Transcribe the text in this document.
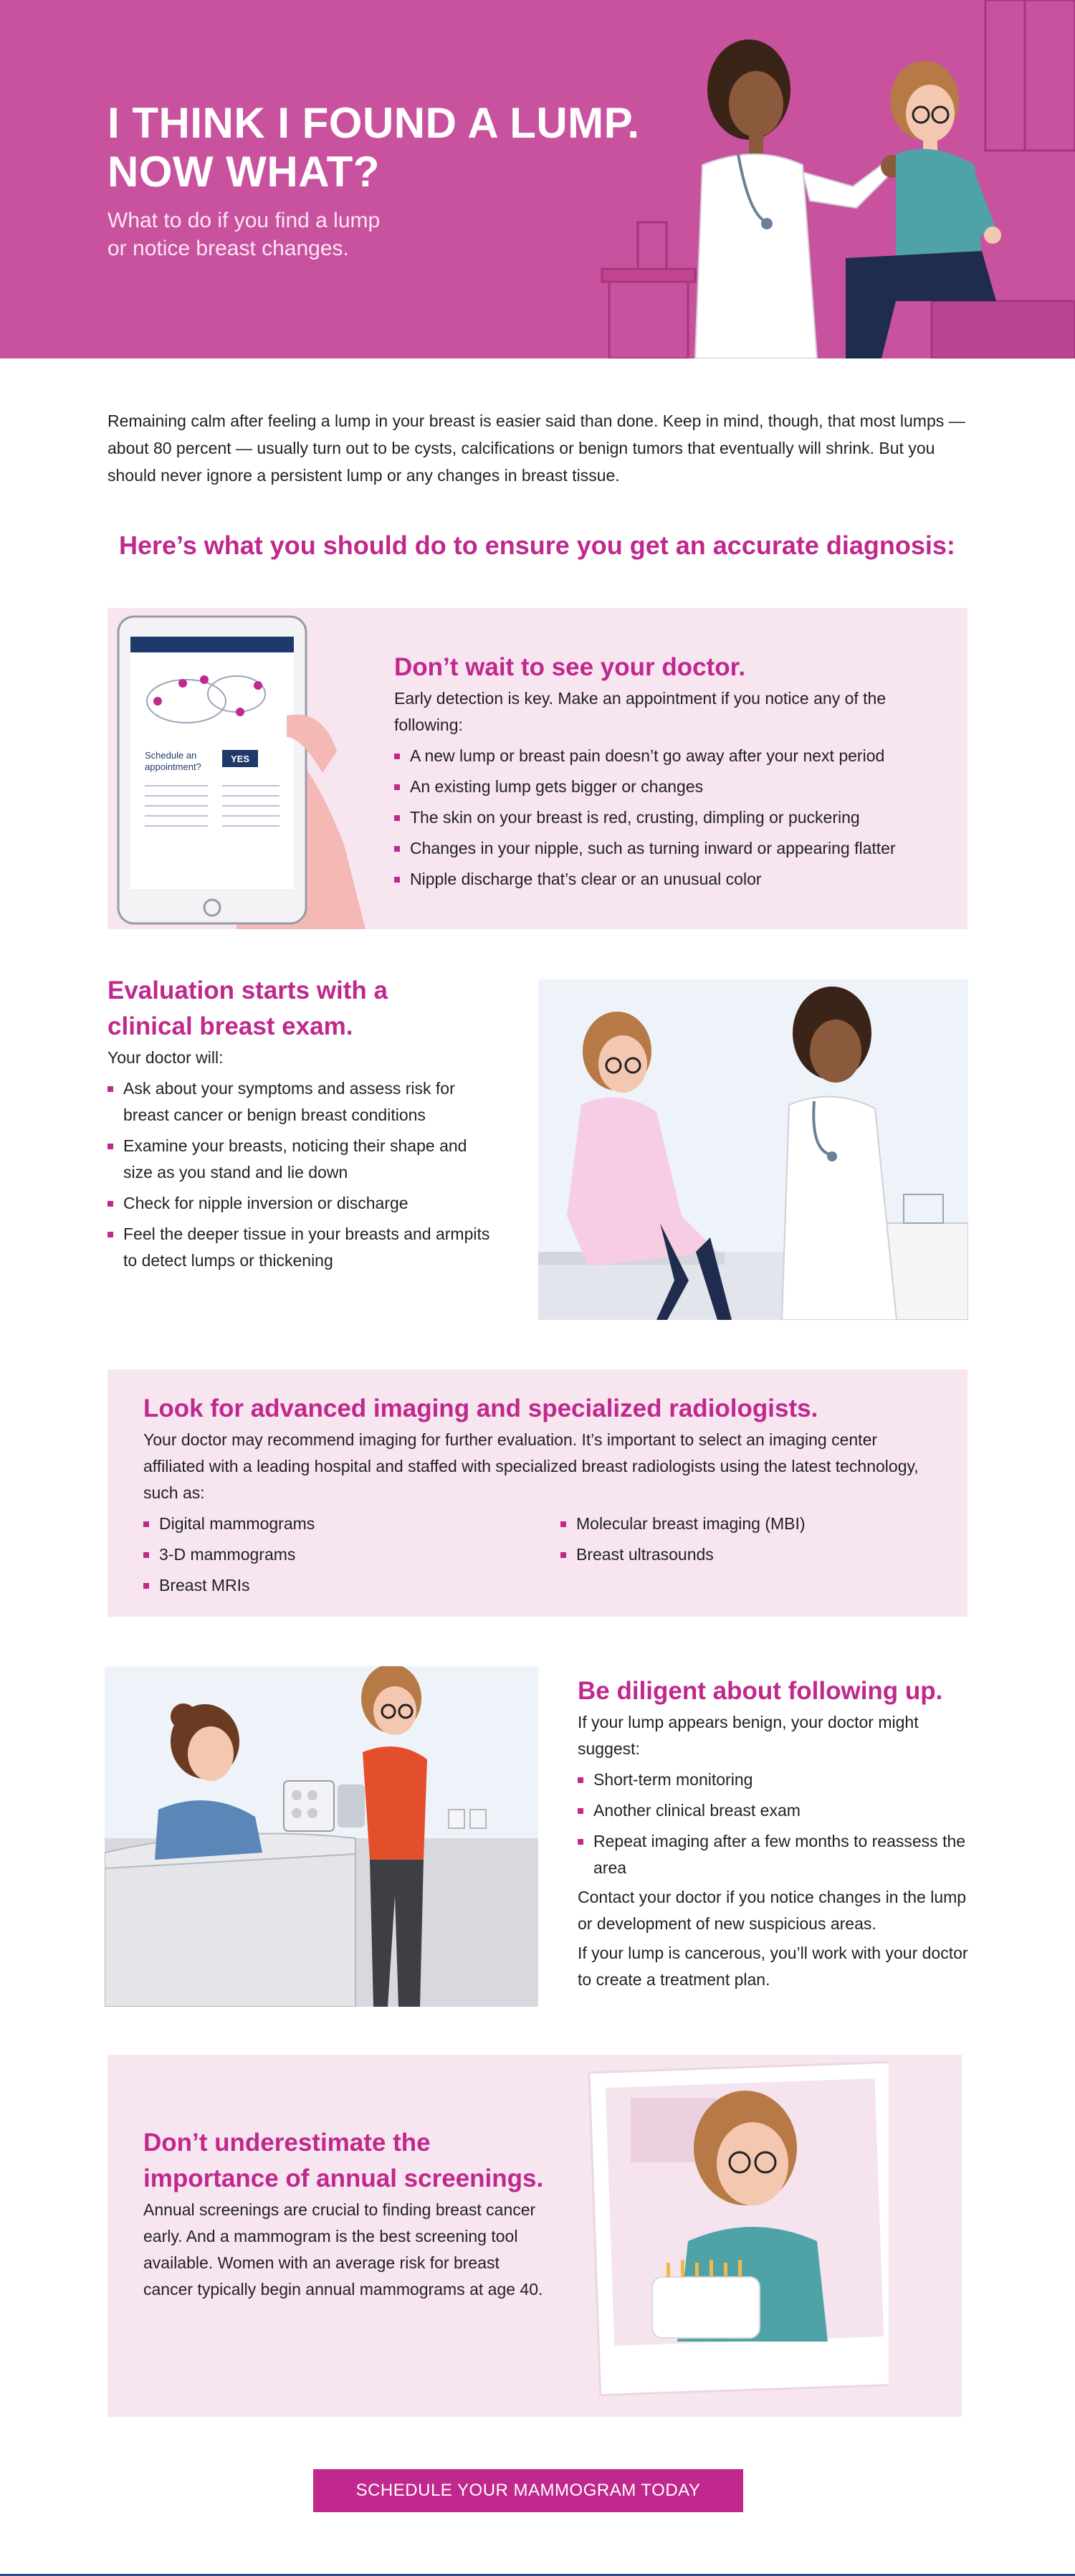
I THINK I FOUND A LUMP.
NOW WHAT?
What to do if you find a lump
or notice breast changes.

Remaining calm after feeling a lump in your breast is easier said than done. Keep in mind, though, that most lumps — about 80 percent — usually turn out to be cysts, calcifications or benign tumors that eventually will shrink. But you should never ignore a persistent lump or any changes in breast tissue.

Here’s what you should do to ensure you get an accurate diagnosis:
Schedule an
appointment?
YES
Don’t wait to see your doctor.

Early detection is key. Make an appointment if you notice any of the following:

A new lump or breast pain doesn’t go away after your next period
An existing lump gets bigger or changes
The skin on your breast is red, crusting, dimpling or puckering
Changes in your nipple, such as turning inward or appearing flatter
Nipple discharge that’s clear or an unusual color
Evaluation starts with a
clinical breast exam.

Your doctor will:

Ask about your symptoms and assess risk for breast cancer or benign breast conditions
Examine your breasts, noticing their shape and size as you stand and lie down
Check for nipple inversion or discharge
Feel the deeper tissue in your breasts and armpits to detect lumps or thickening
Look for advanced imaging and specialized radiologists.

Your doctor may recommend imaging for further evaluation. It’s important to select an imaging center affiliated with a leading hospital and staffed with specialized breast radiologists using the latest technology, such as:

Digital mammograms
3-D mammograms
Breast MRIs
Molecular breast imaging (MBI)
Breast ultrasounds
Be diligent about following up.

If your lump appears benign, your doctor might suggest:

Short-term monitoring
Another clinical breast exam
Repeat imaging after a few months to reassess the area

Contact your doctor if you notice changes in the lump or development of new suspicious areas.

If your lump is cancerous, you’ll work with your doctor to create a treatment plan.

Don’t underestimate the
importance of annual screenings.

Annual screenings are crucial to finding breast cancer early. And a mammogram is the best screening tool available. Women with an average risk for breast cancer typically begin annual mammograms at age 40.

SCHEDULE YOUR MAMMOGRAM TODAY
